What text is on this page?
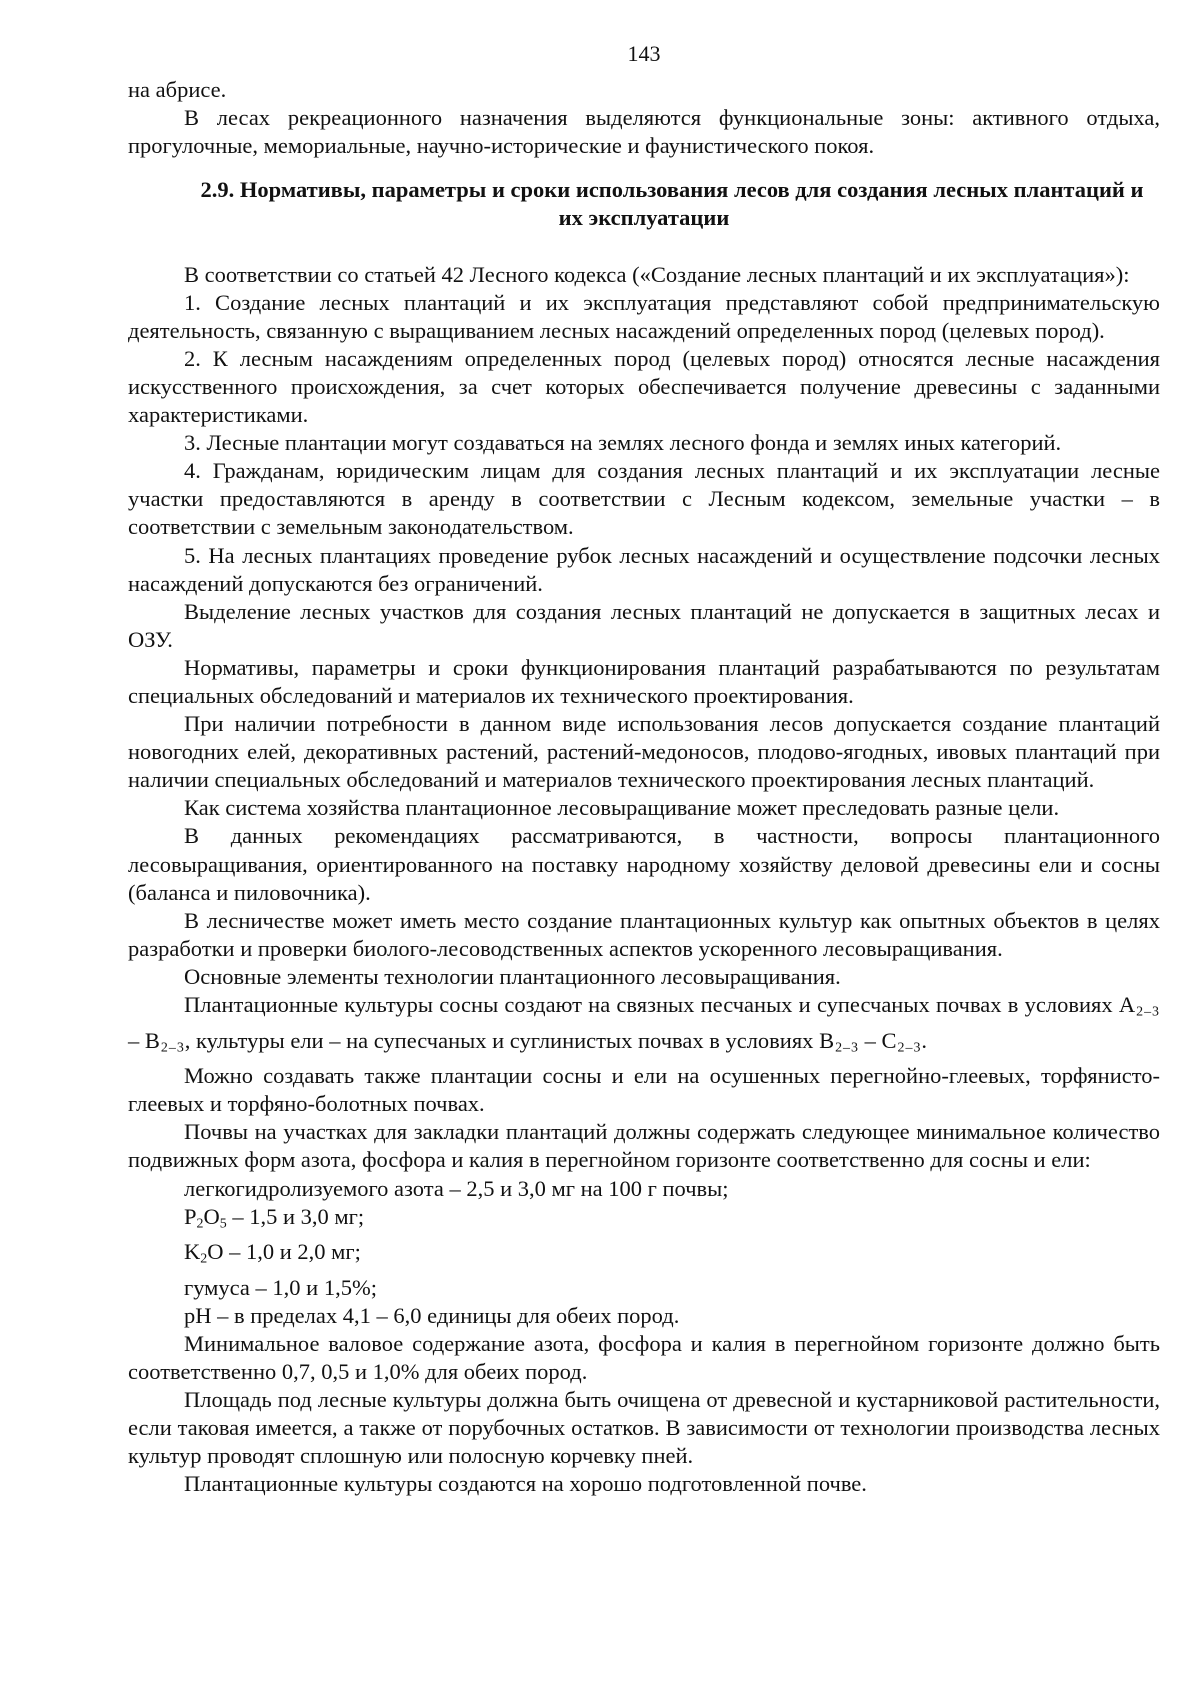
143

на абрисе.

В лесах рекреационного назначения выделяются функциональные зоны: активного отдыха, прогулочные, мемориальные, научно-исторические и фаунистического покоя.

2.9. Нормативы, параметры и сроки использования лесов для создания лесных плантаций и их эксплуатации

В соответствии со статьей 42 Лесного кодекса («Создание лесных плантаций и их эксплуатация»):

1. Создание лесных плантаций и их эксплуатация представляют собой предпринимательскую деятельность, связанную с выращиванием лесных насаждений определенных пород (целевых пород).

2. К лесным насаждениям определенных пород (целевых пород) относятся лесные насаждения искусственного происхождения, за счет которых обеспечивается получение древесины с заданными характеристиками.

3. Лесные плантации могут создаваться на землях лесного фонда и землях иных категорий.

4. Гражданам, юридическим лицам для создания лесных плантаций и их эксплуатации лесные участки предоставляются в аренду в соответствии с Лесным кодексом, земельные участки – в соответствии с земельным законодательством.

5. На лесных плантациях проведение рубок лесных насаждений и осуществление подсочки лесных насаждений допускаются без ограничений.

Выделение лесных участков для создания лесных плантаций не допускается в защитных лесах и ОЗУ.

Нормативы, параметры и сроки функционирования плантаций разрабатываются по результатам специальных обследований и материалов их технического проектирования.

При наличии потребности в данном виде использования лесов допускается создание плантаций новогодних елей, декоративных растений, растений-медоносов, плодово-ягодных, ивовых плантаций при наличии специальных обследований и материалов технического проектирования лесных плантаций.

Как система хозяйства плантационное лесовыращивание может преследовать разные цели.

В данных рекомендациях рассматриваются, в частности, вопросы плантационного лесовыращивания, ориентированного на поставку народному хозяйству деловой древесины ели и сосны (баланса и пиловочника).

В лесничестве может иметь место создание плантационных культур как опытных объектов в целях разработки и проверки биолого-лесоводственных аспектов ускоренного лесовыращивания.

Основные элементы технологии плантационного лесовыращивания.

Плантационные культуры сосны создают на связных песчаных и супесчаных почвах в условиях $A_{2-3} - B_{2-3}$, культуры ели – на супесчаных и суглинистых почвах в условиях $B_{2-3} - C_{2-3}$.

Можно создавать также плантации сосны и ели на осушенных перегнойно-глеевых, торфянисто-глеевых и торфяно-болотных почвах.

Почвы на участках для закладки плантаций должны содержать следующее минимальное количество подвижных форм азота, фосфора и калия в перегнойном горизонте соответственно для сосны и ели:

легкогидролизуемого азота – 2,5 и 3,0 мг на 100 г почвы;

$P_2O_5 - 1,5$ и 3,0 мг;

$K_2O - 1,0$ и 2,0 мг;

гумуса – 1,0 и 1,5%;

pH – в пределах 4,1 – 6,0 единицы для обеих пород.

Минимальное валовое содержание азота, фосфора и калия в перегнойном горизонте должно быть соответственно 0,7, 0,5 и 1,0% для обеих пород.

Площадь под лесные культуры должна быть очищена от древесной и кустарниковой растительности, если таковая имеется, а также от порубочных остатков. В зависимости от технологии производства лесных культур проводят сплошную или полосную корчевку пней.

Плантационные культуры создаются на хорошо подготовленной почве.
